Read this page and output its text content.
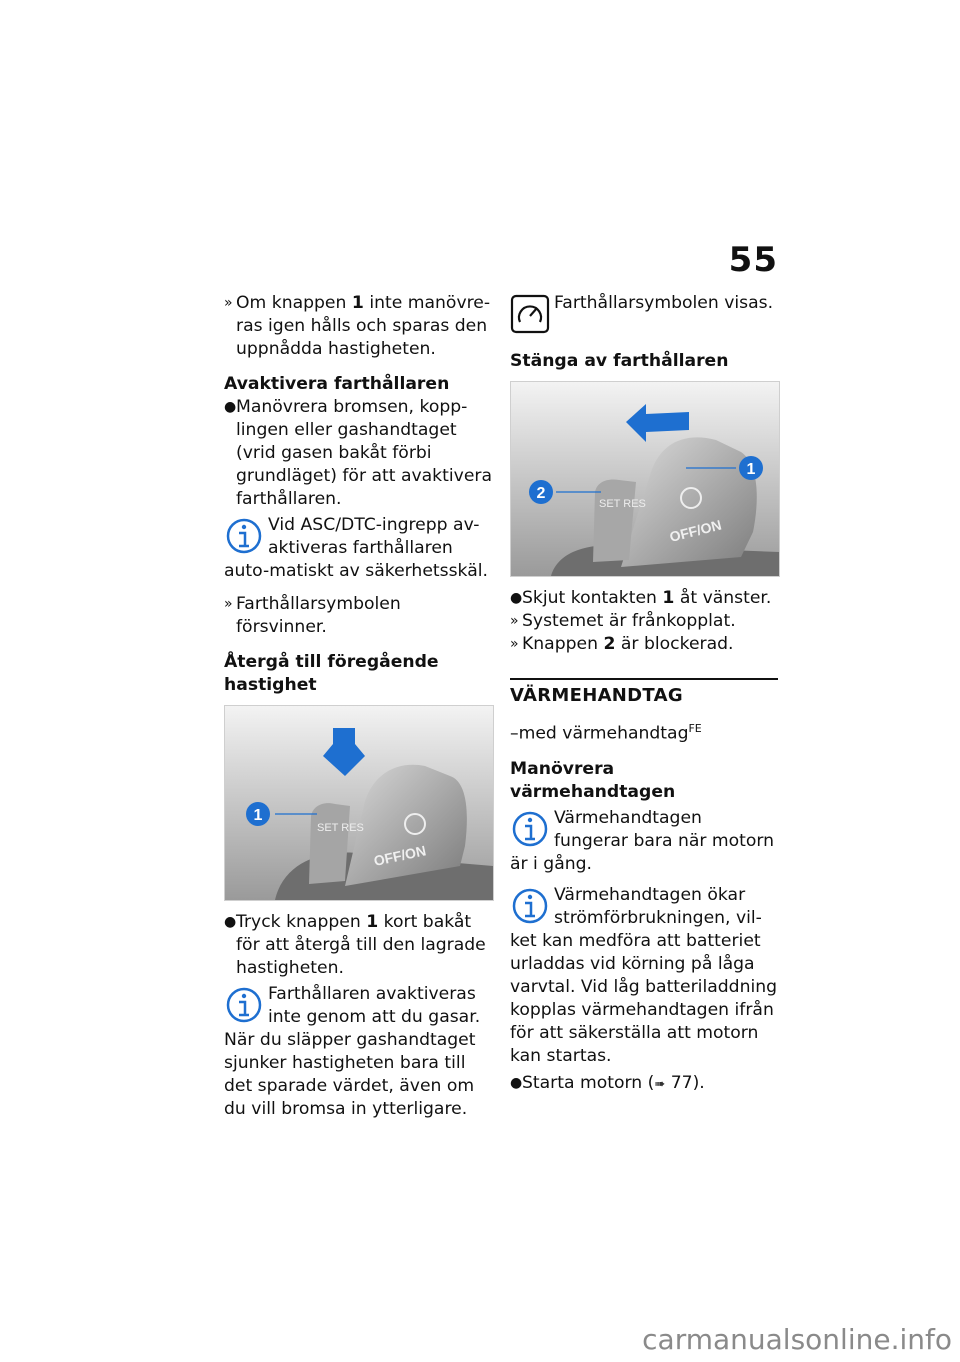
55
» Om knappen 1 inte manövre-ras igen hålls och sparas den uppnådda hastigheten.

Avaktivera farthållaren

● Manövrera bromsen, kopp-lingen eller gashandtaget (vrid gasen bakåt förbi grundläget) för att avaktivera farthållaren.
Vid ASC/DTC-ingrepp av-aktiveras farthållaren auto-matiskt av säkerhetsskäl.
» Farthållarsymbolen försvinner.

Återgå till föregående hastighet

1
SET RES
OFF/ON
● Tryck knappen 1 kort bakåt för att återgå till den lagrade hastigheten.
Farthållaren avaktiveras inte genom att du gasar. När du släpper gashandtaget sjunker hastigheten bara till det sparade värdet, även om du vill bromsa in ytterligare.
Farthållarsymbolen visas.

Stänga av farthållaren

1
2
SET RES
OFF/ON
● Skjut kontakten 1 åt vänster.
» Systemet är frånkopplat.
» Knappen 2 är blockerad.
VÄRMEHANDTAG

–med värmehandtag$^{FE}$

Manövrera värmehandtagen

Värmehandtagen fungerar bara när motorn är i gång.
Värmehandtagen ökar strömförbrukningen, vil-ket kan medföra att batteriet urladdas vid körning på låga varvtal. Vid låg batteriladdning kopplas värmehandtagen ifrån för att säkerställa att motorn kan startas.
● Starta motorn (➠ 77).
carmanualsonline.info
